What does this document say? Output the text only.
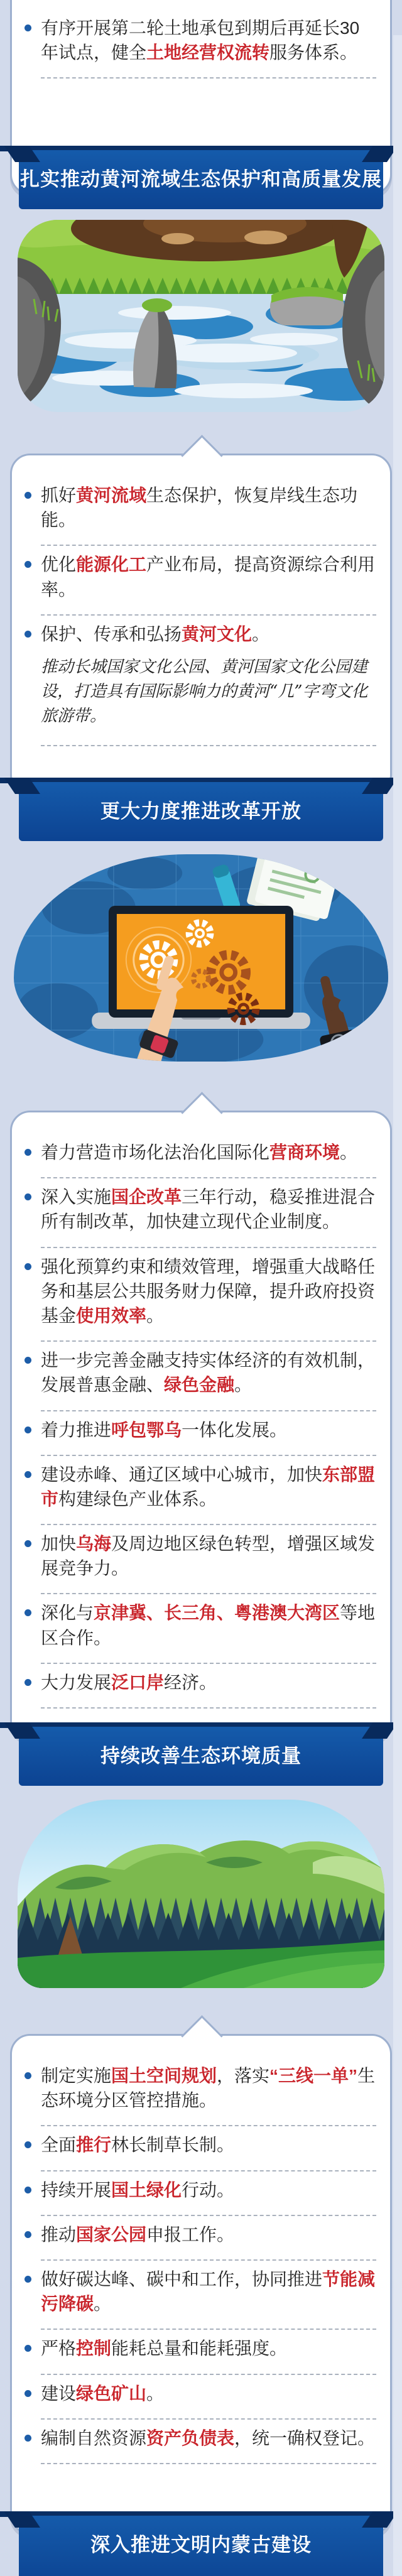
有序开展第二轮土地承包到期后再延长30年试点，健全土地经营权流转服务体系。
扎实推动黄河流域生态保护和高质量发展
抓好黄河流域生态保护，恢复岸线生态功能。
优化能源化工产业布局，提高资源综合利用率。
保护、传承和弘扬黄河文化。

推动长城国家文化公园、黄河国家文化公园建设，打造具有国际影响力的黄河“几”字弯文化旅游带。

更大力度推进改革开放
着力营造市场化法治化国际化营商环境。
深入实施国企改革三年行动，稳妥推进混合所有制改革，加快建立现代企业制度。
强化预算约束和绩效管理，增强重大战略任务和基层公共服务财力保障，提升政府投资基金使用效率。
进一步完善金融支持实体经济的有效机制，发展普惠金融、绿色金融。
着力推进呼包鄂乌一体化发展。
建设赤峰、通辽区域中心城市，加快东部盟市构建绿色产业体系。
加快乌海及周边地区绿色转型，增强区域发展竞争力。
深化与京津冀、长三角、粤港澳大湾区等地区合作。
大力发展泛口岸经济。
持续改善生态环境质量
制定实施国土空间规划，落实“三线一单”生态环境分区管控措施。
全面推行林长制草长制。
持续开展国土绿化行动。
推动国家公园申报工作。
做好碳达峰、碳中和工作，协同推进节能减污降碳。
严格控制能耗总量和能耗强度。
建设绿色矿山。
编制自然资源资产负债表，统一确权登记。
深入推进文明内蒙古建设
